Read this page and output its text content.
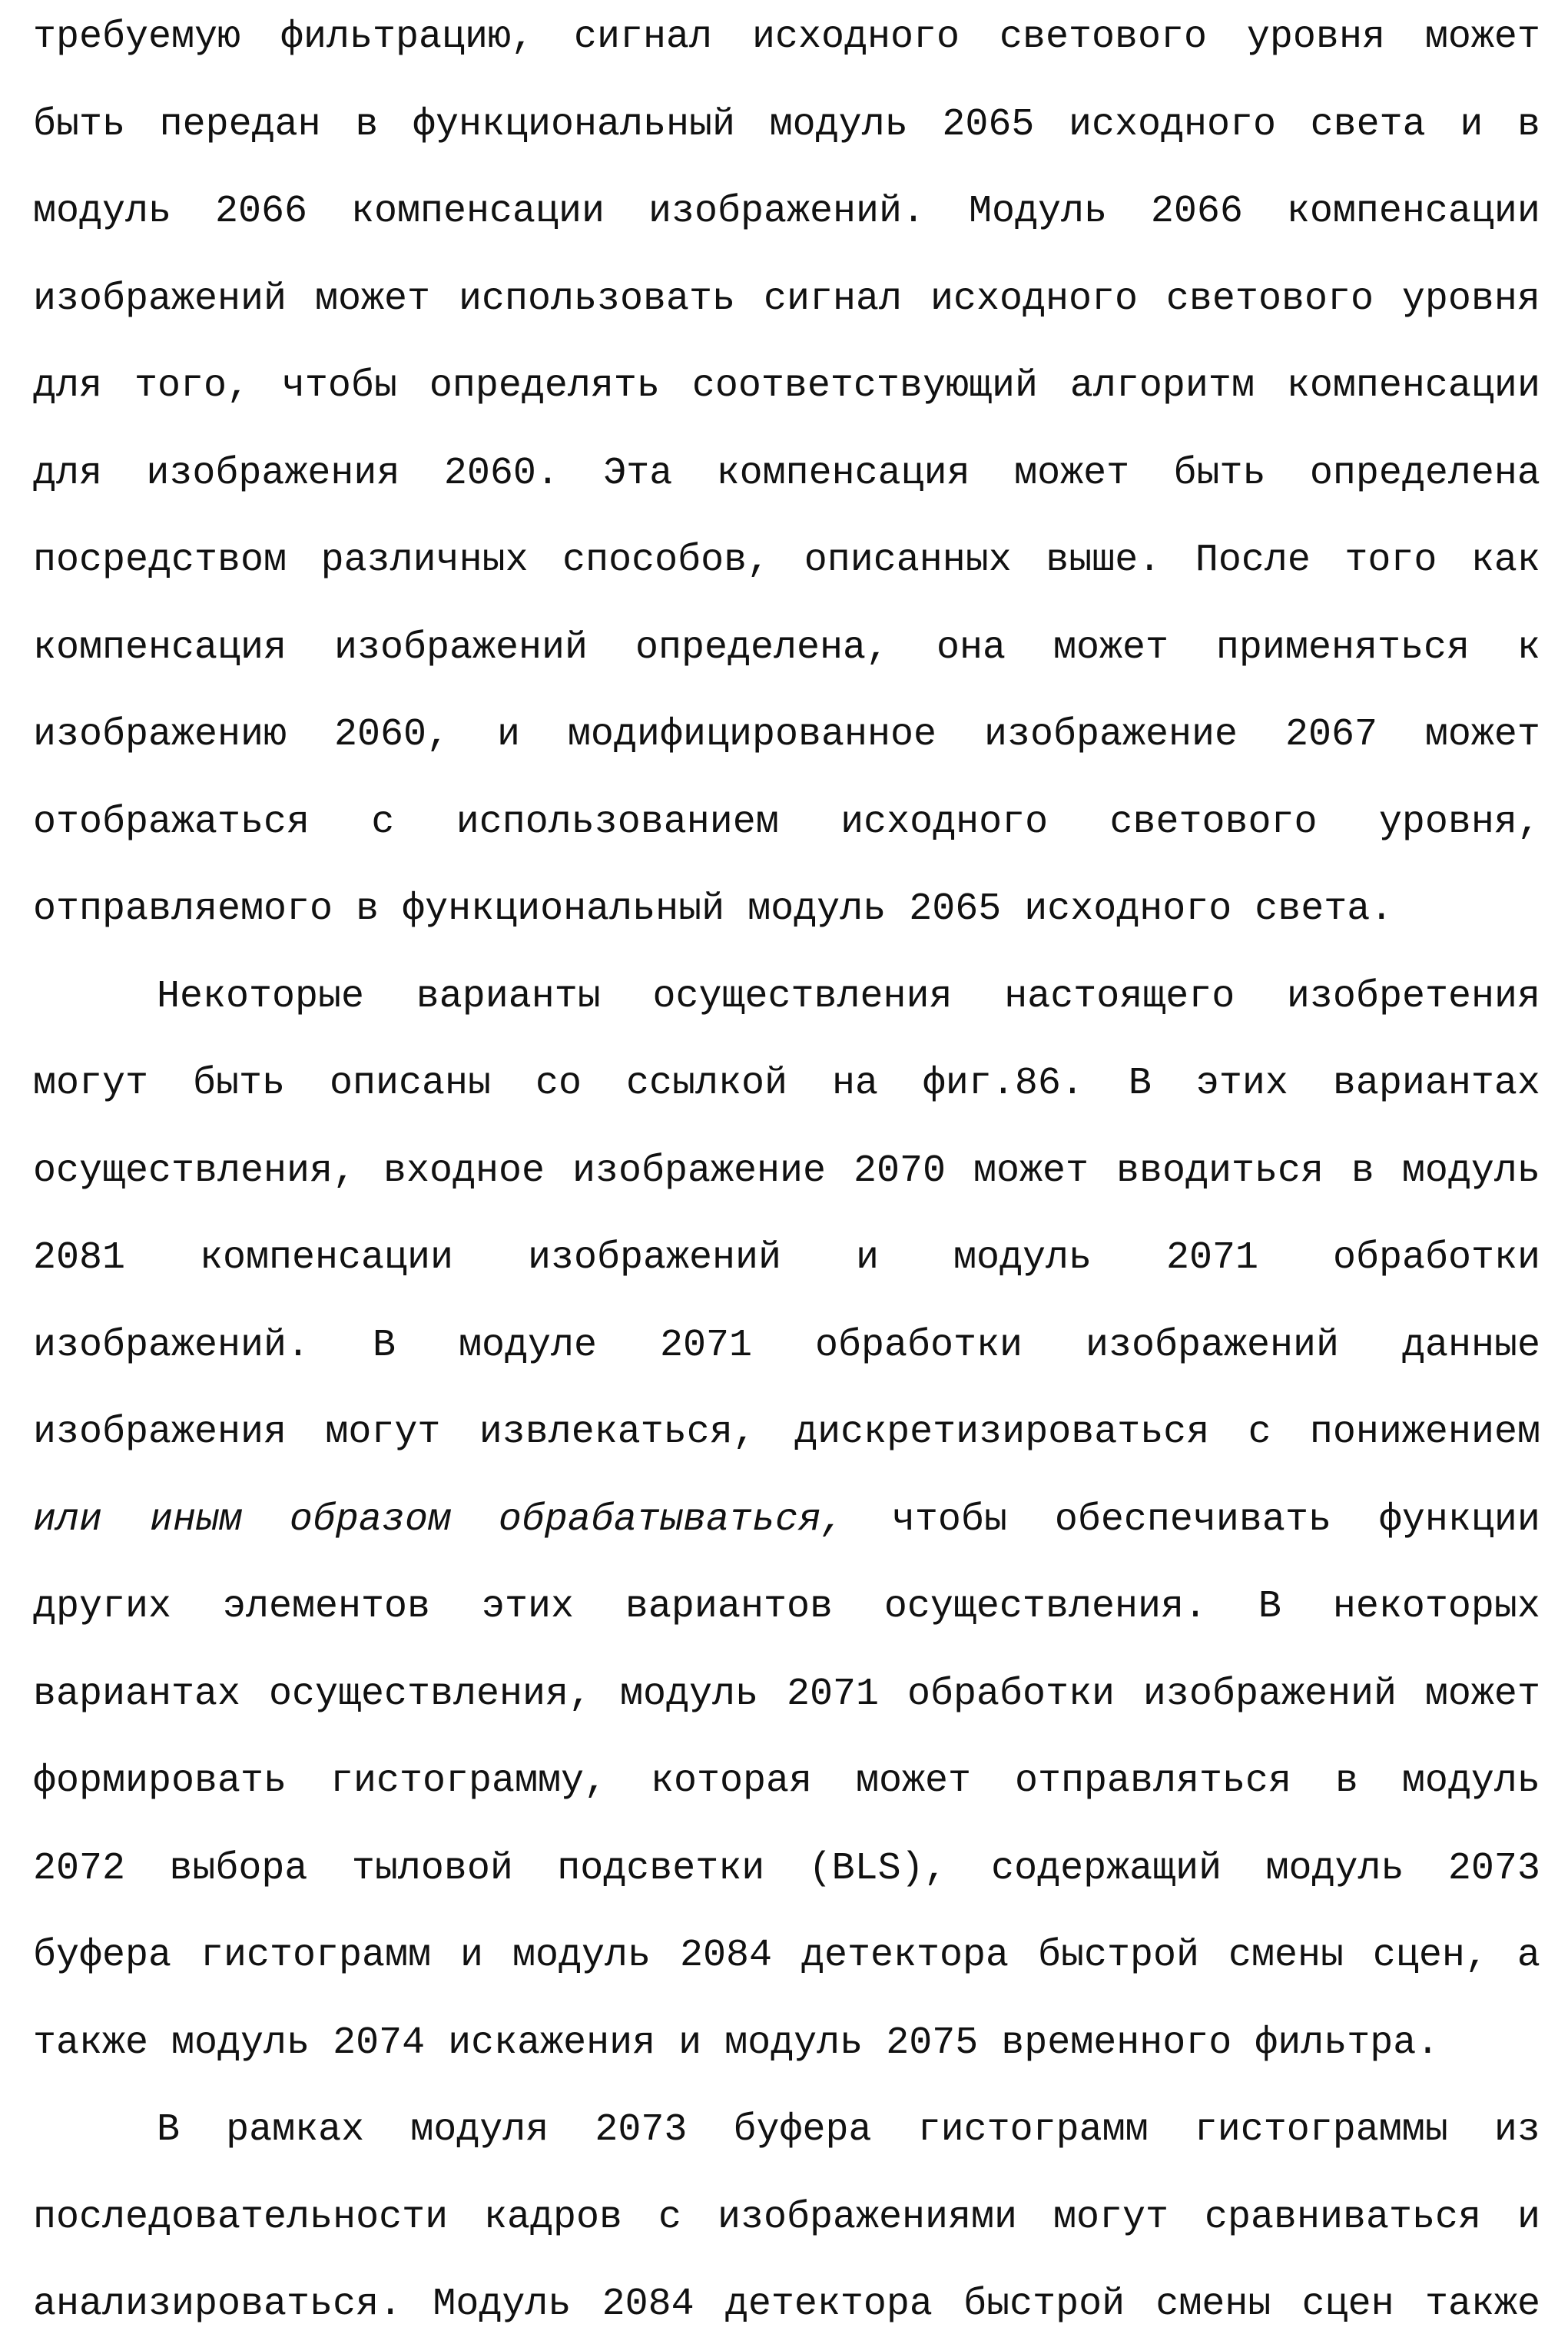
требуемую фильтрацию, сигнал исходного светового уровня может
быть передан в функциональный модуль 2065 исходного света и в
модуль 2066 компенсации изображений. Модуль 2066 компенсации
изображений может использовать сигнал исходного светового уровня
для того, чтобы определять соответствующий алгоритм компенсации
для изображения 2060. Эта компенсация может быть определена
посредством различных способов, описанных выше. После того как
компенсация изображений определена, она может применяться к
изображению 2060, и модифицированное изображение 2067 может
отображаться с использованием исходного светового уровня,
отправляемого в функциональный модуль 2065 исходного света.
Некоторые варианты осуществления настоящего изобретения
могут быть описаны со ссылкой на фиг.86. В этих вариантах
осуществления, входное изображение 2070 может вводиться в модуль
2081 компенсации изображений и модуль 2071 обработки
изображений. В модуле 2071 обработки изображений данные
изображения могут извлекаться, дискретизироваться с понижением
или иным образом обрабатываться, чтобы обеспечивать функции
других элементов этих вариантов осуществления. В некоторых
вариантах осуществления, модуль 2071 обработки изображений может
формировать гистограмму, которая может отправляться в модуль
2072 выбора тыловой подсветки (BLS), содержащий модуль 2073
буфера гистограмм и модуль 2084 детектора быстрой смены сцен, а
также модуль 2074 искажения и модуль 2075 временного фильтра.
В рамках модуля 2073 буфера гистограмм гистограммы из
последовательности кадров с изображениями могут сравниваться и
анализироваться. Модуль 2084 детектора быстрой смены сцен также
